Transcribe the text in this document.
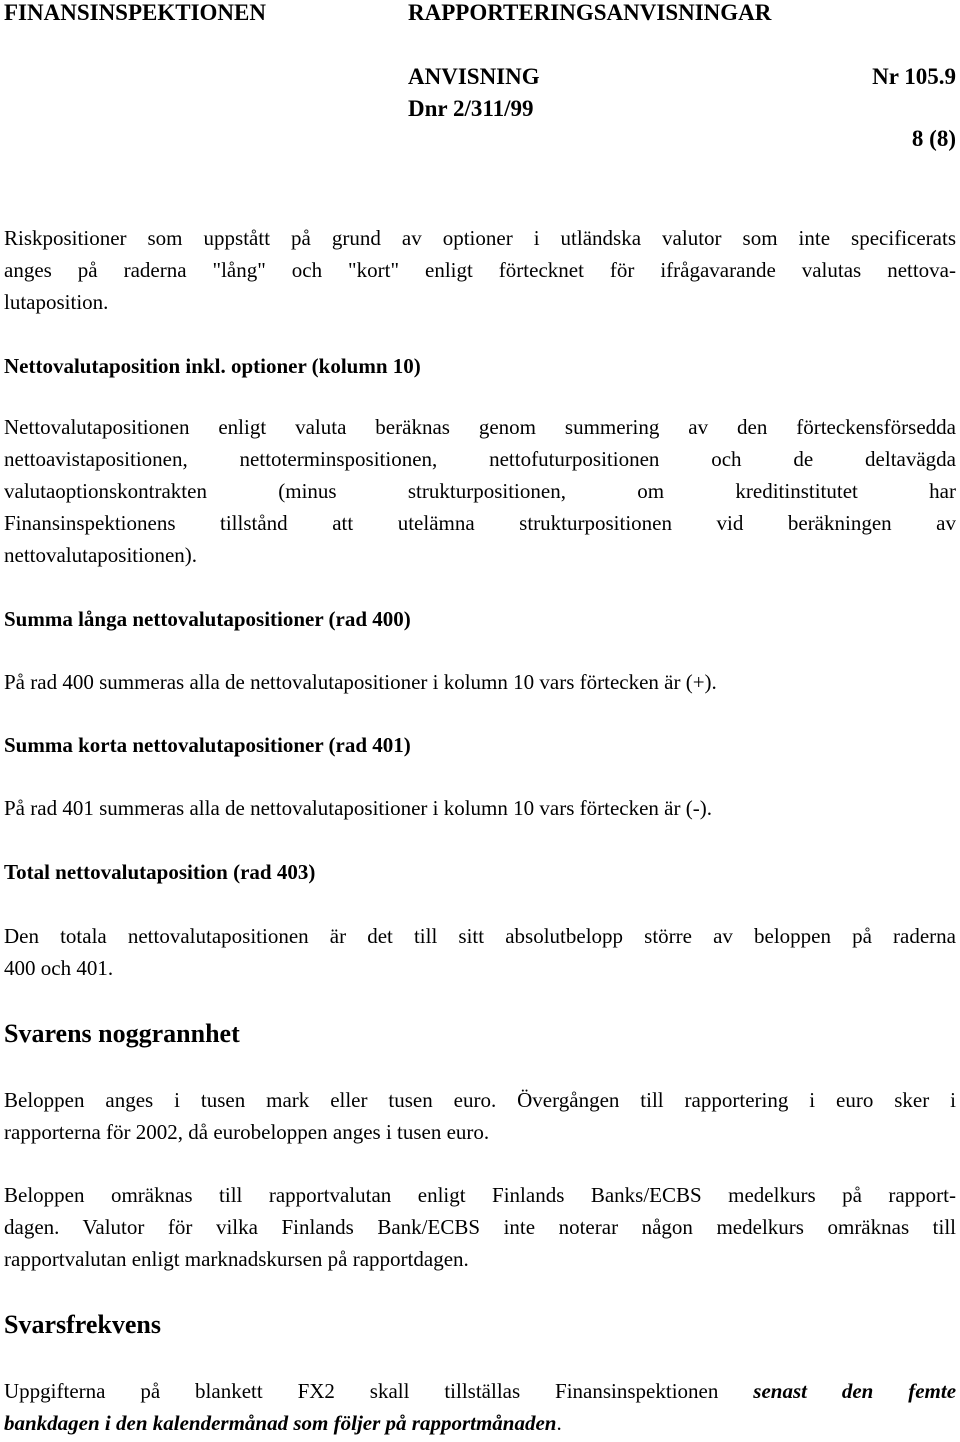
FINANSINSPEKTIONEN	RAPPORTERINGSANVISNINGAR
ANVISNING	Nr 105.9
Dnr 2/311/99
8 (8)
Riskpositioner som uppstått på grund av optioner i utländska valutor som inte specificerats
anges på raderna "lång" och "kort" enligt förtecknet för ifrågavarande valutas nettova-
lutaposition.
Nettovalutaposition inkl. optioner (kolumn 10)
Nettovalutapositionen enligt valuta beräknas genom summering av den förteckensförsedda
nettoavistapositionen, nettoterminspositionen, nettofuturpositionen och de deltavägda
valutaoptionskontrakten (minus strukturpositionen, om kreditinstitutet har
Finansinspektionens tillstånd att utelämna strukturpositionen vid beräkningen av
nettovalutapositionen).
Summa långa nettovalutapositioner (rad 400)
På rad 400 summeras alla de nettovalutapositioner i kolumn 10 vars förtecken är (+).
Summa korta nettovalutapositioner (rad 401)
På rad 401 summeras alla de nettovalutapositioner i kolumn 10 vars förtecken är (-).
Total nettovalutaposition (rad 403)
Den totala nettovalutapositionen är det till sitt absolutbelopp större av beloppen på raderna
400 och 401.
Svarens noggrannhet
Beloppen anges i tusen mark eller tusen euro. Övergången till rapportering i euro sker i
rapporterna för 2002, då eurobeloppen anges i tusen euro.
Beloppen omräknas till rapportvalutan enligt Finlands Banks/ECBS medelkurs på rapport-
dagen. Valutor för vilka Finlands Bank/ECBS inte noterar någon medelkurs omräknas till
rapportvalutan enligt marknadskursen på rapportdagen.
Svarsfrekvens
Uppgifterna på blankett FX2 skall tillställas Finansinspektionen senast den femte
bankdagen i den kalendermånad som följer på rapportmånaden.
